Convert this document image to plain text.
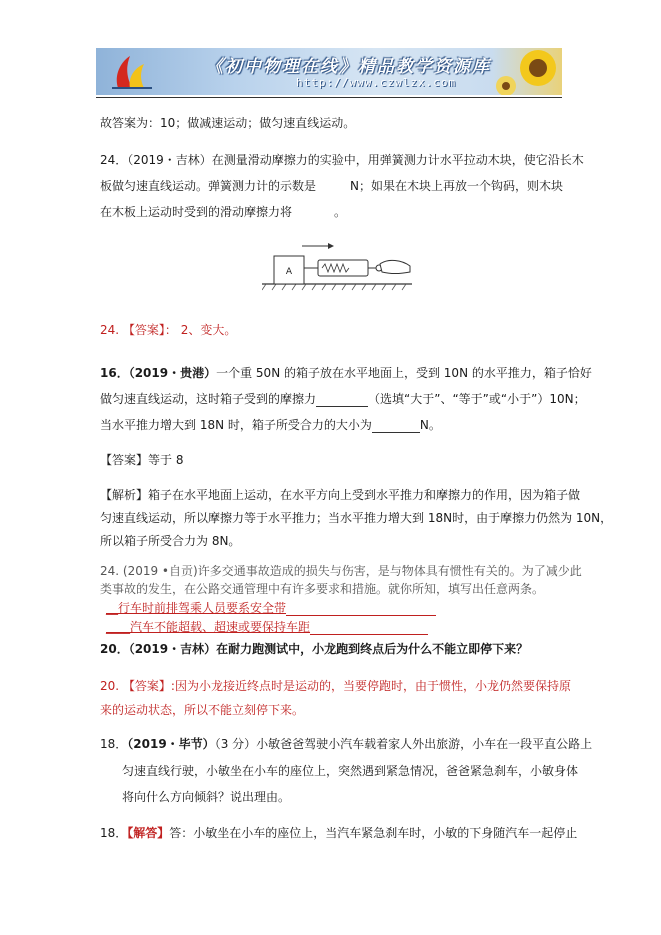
《初中物理在线》精品教学资源库
http://www.czwlzx.com
故答案为：10；做减速运动；做匀速直线运动。
24．（2019・吉林）在测量滑动摩擦力的实验中，用弹簧测力计水平拉动木块，使它沿长木
板做匀速直线运动。弹簧测力计的示数是	N；如果在木块上再放一个钩码，则木块
在木板上运动时受到的滑动摩擦力将	。
A
24. 【答案】： 2、变大。
16．（2019・贵港）一个重 50N 的箱子放在水平地面上，受到 10N 的水平推力，箱子恰好
做匀速直线运动，这时箱子受到的摩擦力	（选填“大于”、“等于”或“小于”）10N；
当水平推力增大到 18N 时，箱子所受合力的大小为	N。
【答案】等于 8
【解析】箱子在水平地面上运动，在水平方向上受到水平推力和摩擦力的作用，因为箱子做
匀速直线运动，所以摩擦力等于水平推力；当水平推力增大到 18N时，由于摩擦力仍然为 10N，
所以箱子所受合力为 8N。
24. (2019 •自贡)许多交通事故造成的损失与伤害，是与物体具有惯性有关的。为了减少此
类事故的发生，在公路交通管理中有许多要求和措施。就你所知，填写出任意两条。
__行车时前排驾乘人员要系安全带
____汽车不能超载、超速或要保持车距
20．（2019・吉林）在耐力跑测试中，小龙跑到终点后为什么不能立即停下来？
20. 【答案】:因为小龙接近终点时是运动的，当要停跑时，由于惯性，小龙仍然要保持原
来的运动状态，所以不能立刻停下来。
18．（2019・毕节）（3 分）小敏爸爸驾驶小汽车载着家人外出旅游，小车在一段平直公路上
匀速直线行驶，小敏坐在小车的座位上，突然遇到紧急情况，爸爸紧急刹车，小敏身体
将向什么方向倾斜？说出理由。
18．【解答】答：小敏坐在小车的座位上，当汽车紧急刹车时，小敏的下身随汽车一起停止
